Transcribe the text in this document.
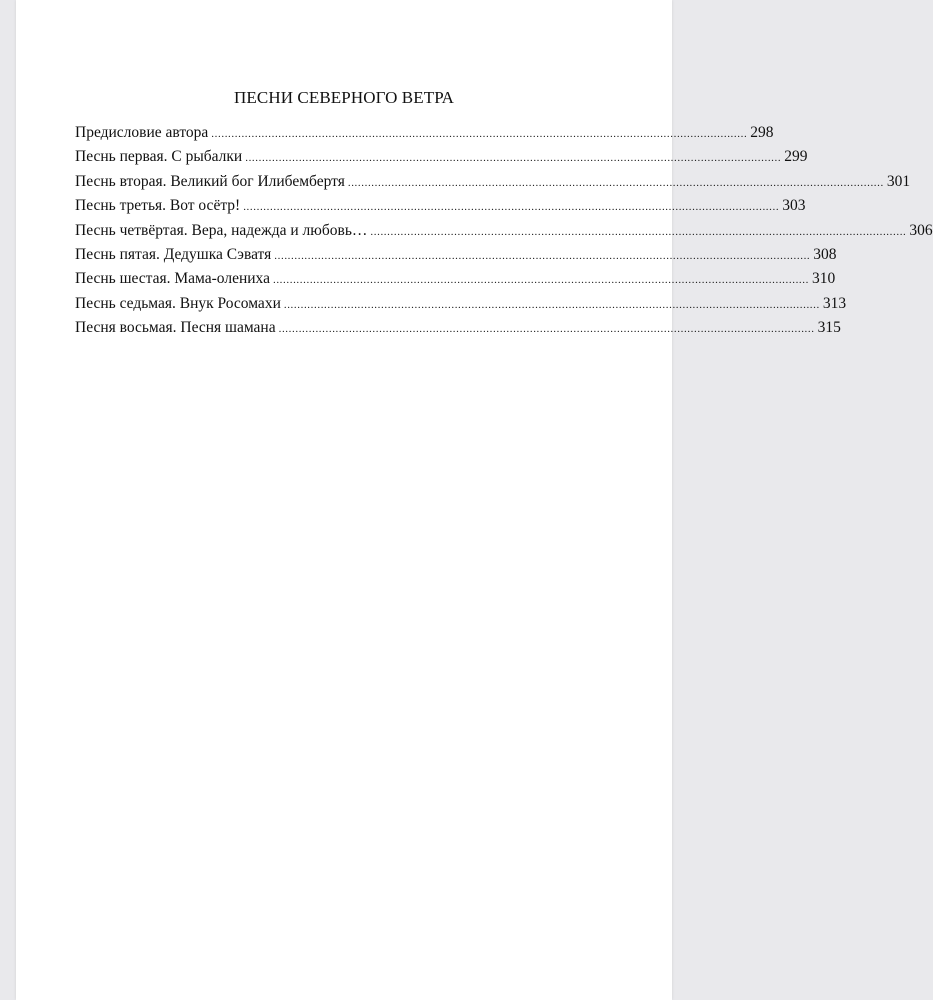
ПЕСНИ СЕВЕРНОГО ВЕТРА
Предисловие автора ................................................................................................................................................................ 298
Песнь первая. С рыбалки ................................................................................................................................................................ 299
Песнь вторая. Великий бог Илибембертя ................................................................................................................................................................ 301
Песнь третья. Вот осётр! ................................................................................................................................................................ 303
Песнь четвёртая. Вера, надежда и любовь… ................................................................................................................................................................ 306
Песнь пятая. Дедушка Сэватя ................................................................................................................................................................ 308
Песнь шестая. Мама-олениха ................................................................................................................................................................ 310
Песнь седьмая. Внук Росомахи ................................................................................................................................................................ 313
Песня восьмая. Песня шамана ................................................................................................................................................................ 315
